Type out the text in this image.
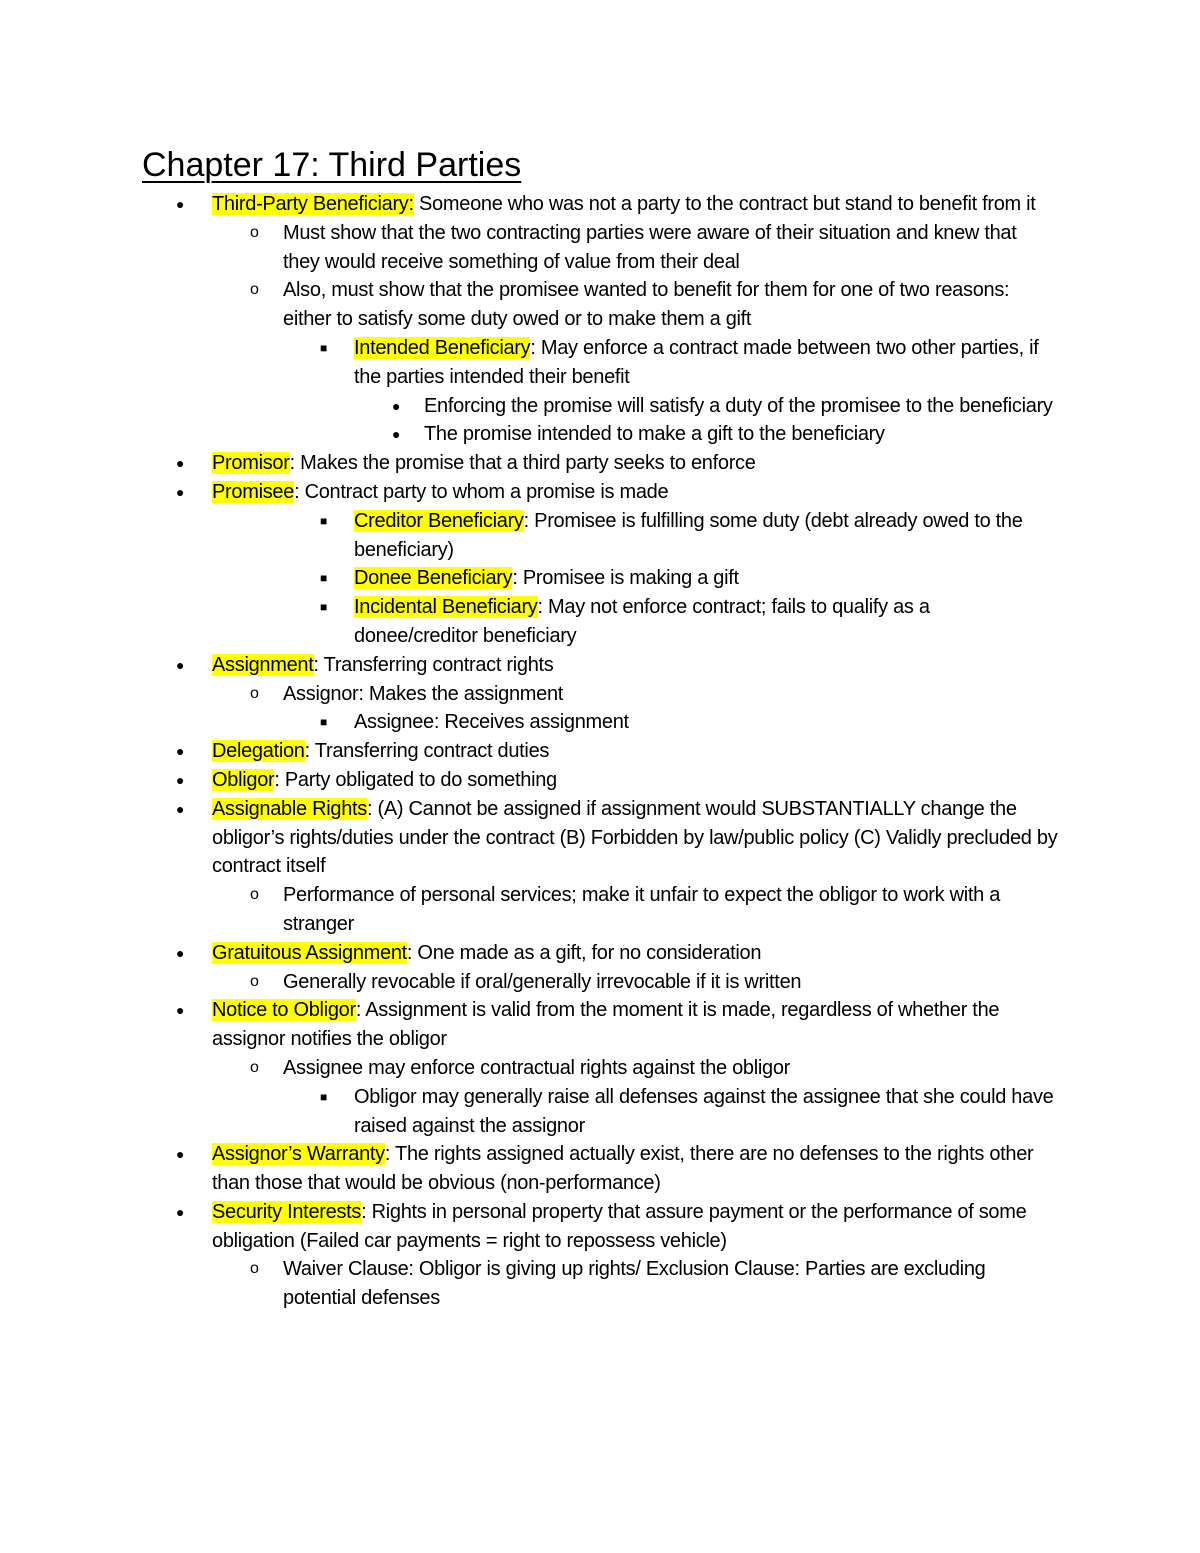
Chapter 17: Third Parties
● Third-Party Beneficiary: Someone who was not a party to the contract but stand to benefit from it
o Must show that the two contracting parties were aware of their situation and knew that they would receive something of value from their deal
o Also, must show that the promisee wanted to benefit for them for one of two reasons: either to satisfy some duty owed or to make them a gift
■ Intended Beneficiary: May enforce a contract made between two other parties, if the parties intended their benefit
● Enforcing the promise will satisfy a duty of the promisee to the beneficiary
● The promise intended to make a gift to the beneficiary
● Promisor: Makes the promise that a third party seeks to enforce
● Promisee: Contract party to whom a promise is made
■ Creditor Beneficiary: Promisee is fulfilling some duty (debt already owed to the beneficiary)
■ Donee Beneficiary: Promisee is making a gift
■ Incidental Beneficiary: May not enforce contract; fails to qualify as a donee/creditor beneficiary
● Assignment: Transferring contract rights
o Assignor: Makes the assignment
■ Assignee: Receives assignment
● Delegation: Transferring contract duties
● Obligor: Party obligated to do something
● Assignable Rights: (A) Cannot be assigned if assignment would SUBSTANTIALLY change the obligor’s rights/duties under the contract (B) Forbidden by law/public policy (C) Validly precluded by contract itself
o Performance of personal services; make it unfair to expect the obligor to work with a stranger
● Gratuitous Assignment: One made as a gift, for no consideration
o Generally revocable if oral/generally irrevocable if it is written
● Notice to Obligor: Assignment is valid from the moment it is made, regardless of whether the assignor notifies the obligor
o Assignee may enforce contractual rights against the obligor
■ Obligor may generally raise all defenses against the assignee that she could have raised against the assignor
● Assignor’s Warranty: The rights assigned actually exist, there are no defenses to the rights other than those that would be obvious (non-performance)
● Security Interests: Rights in personal property that assure payment or the performance of some obligation (Failed car payments = right to repossess vehicle)
o Waiver Clause: Obligor is giving up rights/ Exclusion Clause: Parties are excluding potential defenses
